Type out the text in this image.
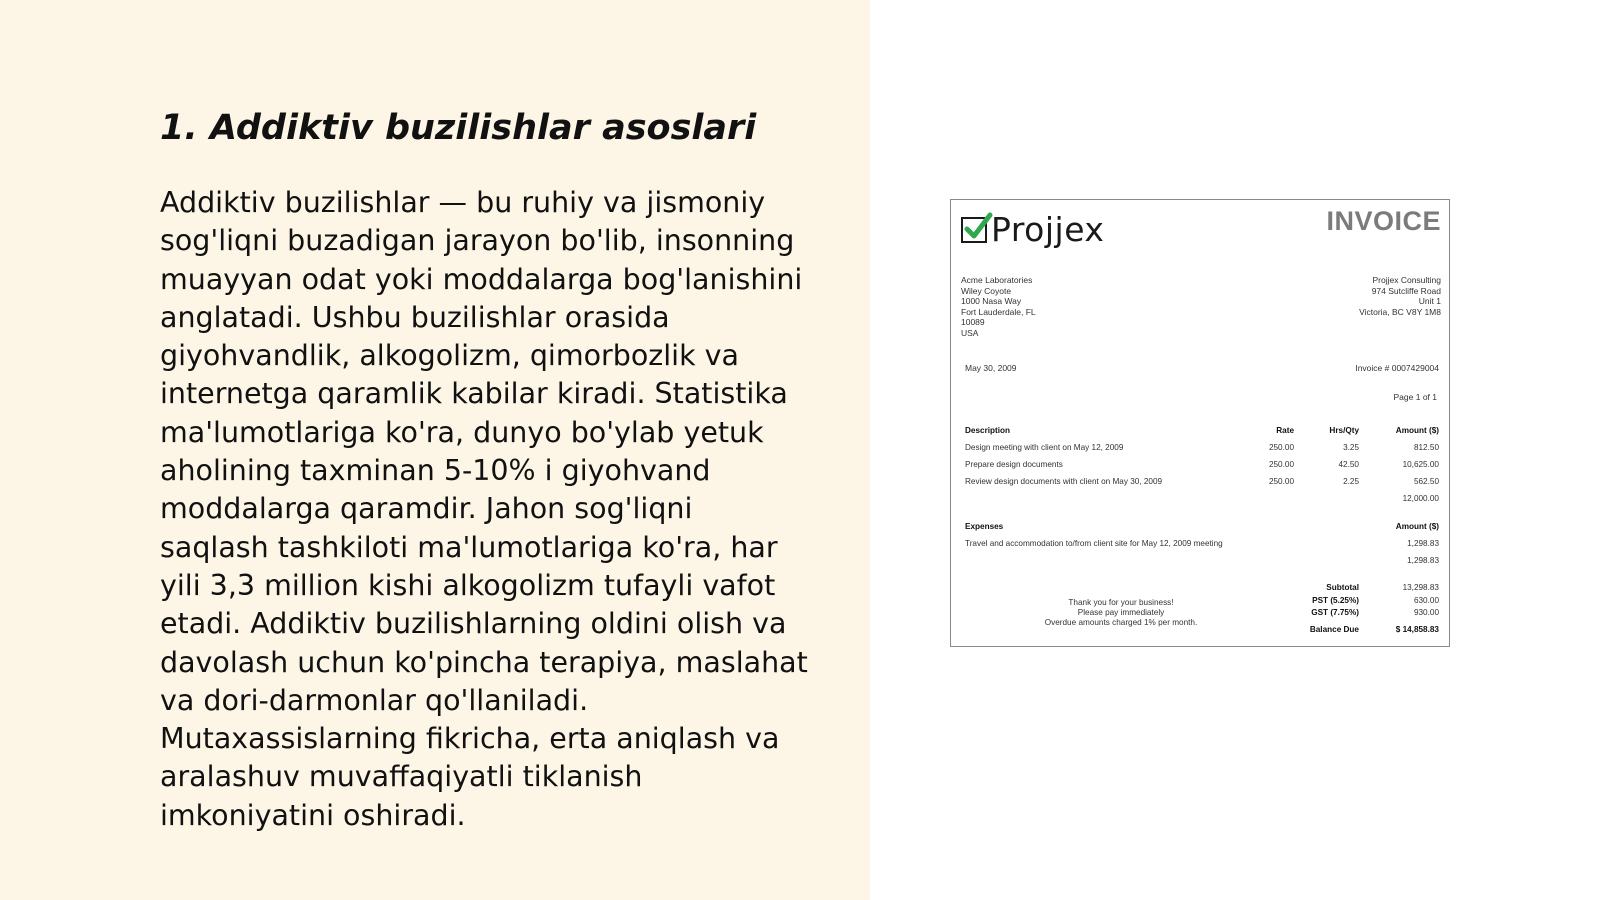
1. Addiktiv buzilishlar asoslari
Addiktiv buzilishlar — bu ruhiy va jismoniy
sog'liqni buzadigan jarayon bo'lib, insonning
muayyan odat yoki moddalarga bog'lanishini
anglatadi. Ushbu buzilishlar orasida
giyohvandlik, alkogolizm, qimorbozlik va
internetga qaramlik kabilar kiradi. Statistika
ma'lumotlariga ko'ra, dunyo bo'ylab yetuk
aholining taxminan 5-10% i giyohvand
moddalarga qaramdir. Jahon sog'liqni
saqlash tashkiloti ma'lumotlariga ko'ra, har
yili 3,3 million kishi alkogolizm tufayli vafot
etadi. Addiktiv buzilishlarning oldini olish va
davolash uchun ko'pincha terapiya, maslahat
va dori-darmonlar qo'llaniladi.
Mutaxassislarning fikricha, erta aniqlash va
aralashuv muvaffaqiyatli tiklanish
imkoniyatini oshiradi.
Projjex	INVOICE
Acme Laboratories
Wiley Coyote
1000 Nasa Way
Fort Lauderdale, FL
10089
USA
Projjex Consulting
974 Sutcliffe Road
Unit 1
Victoria, BC V8Y 1M8
May 30, 2009	Invoice # 0007429004
Page 1 of 1
Description	Rate	Hrs/Qty	Amount ($)
Design meeting with client on May 12, 2009	250.00	3.25	812.50
Prepare design documents	250.00	42.50	10,625.00
Review design documents with client on May 30, 2009	250.00	2.25	562.50
12,000.00
Expenses	Amount ($)
Travel and accommodation to/from client site for May 12, 2009 meeting	1,298.83
1,298.83
Thank you for your business!
Please pay immediately
Overdue amounts charged 1% per month.
Subtotal	13,298.83
PST (5.25%)	630.00
GST (7.75%)	930.00
Balance Due	$ 14,858.83
